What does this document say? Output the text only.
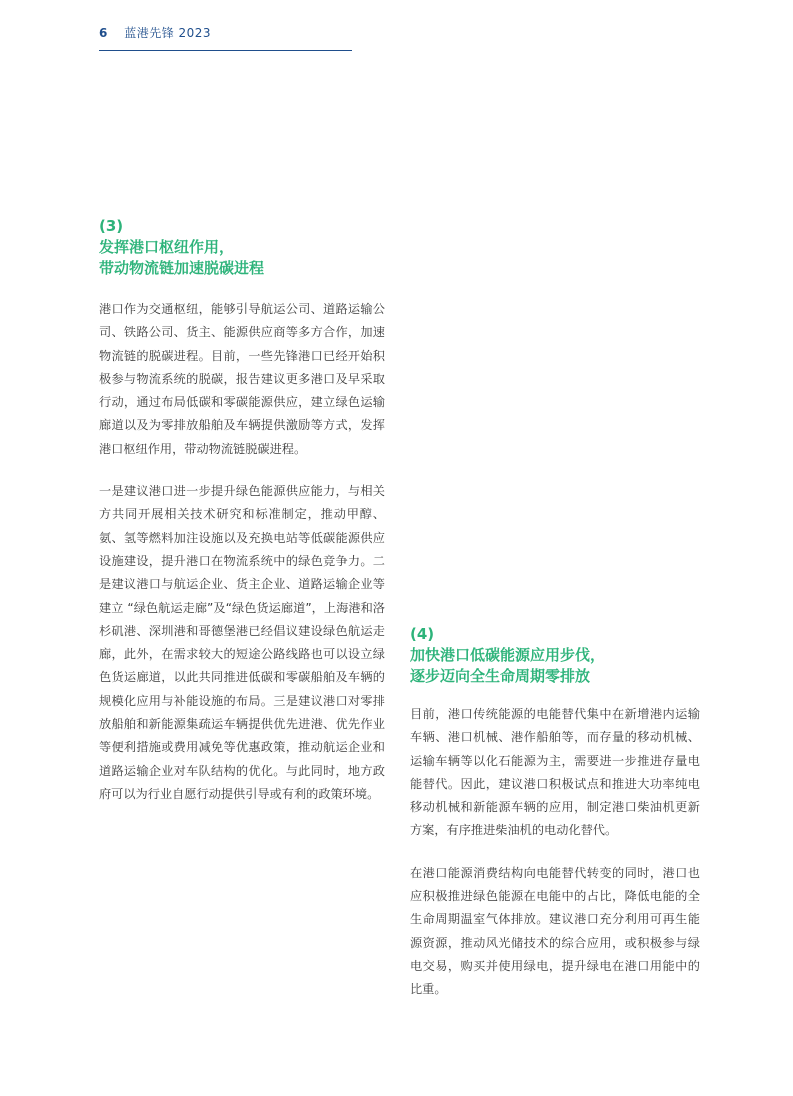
6 蓝港先锋 2023

(3)

发挥港口枢纽作用，
带动物流链加速脱碳进程

港口作为交通枢纽，能够引导航运公司、道路运输公司、铁路公司、货主、能源供应商等多方合作，加速物流链的脱碳进程。目前，一些先锋港口已经开始积极参与物流系统的脱碳，报告建议更多港口及早采取行动，通过布局低碳和零碳能源供应，建立绿色运输廊道以及为零排放船舶及车辆提供激励等方式，发挥港口枢纽作用，带动物流链脱碳进程。

一是建议港口进一步提升绿色能源供应能力，与相关方共同开展相关技术研究和标准制定，推动甲醇、氨、氢等燃料加注设施以及充换电站等低碳能源供应设施建设，提升港口在物流系统中的绿色竞争力。二是建议港口与航运企业、货主企业、道路运输企业等建立 “绿色航运走廊”及“绿色货运廊道”，上海港和洛杉矶港、深圳港和哥德堡港已经倡议建设绿色航运走廊，此外，在需求较大的短途公路线路也可以设立绿色货运廊道，以此共同推进低碳和零碳船舶及车辆的规模化应用与补能设施的布局。三是建议港口对零排放船舶和新能源集疏运车辆提供优先进港、优先作业等便利措施或费用减免等优惠政策，推动航运企业和道路运输企业对车队结构的优化。与此同时，地方政府可以为行业自愿行动提供引导或有利的政策环境。

(4)

加快港口低碳能源应用步伐，
逐步迈向全生命周期零排放

目前，港口传统能源的电能替代集中在新增港内运输车辆、港口机械、港作船舶等，而存量的移动机械、运输车辆等以化石能源为主，需要进一步推进存量电能替代。因此，建议港口积极试点和推进大功率纯电移动机械和新能源车辆的应用，制定港口柴油机更新方案，有序推进柴油机的电动化替代。

在港口能源消费结构向电能替代转变的同时，港口也应积极推进绿色能源在电能中的占比，降低电能的全生命周期温室气体排放。建议港口充分利用可再生能源资源，推动风光储技术的综合应用，或积极参与绿电交易，购买并使用绿电，提升绿电在港口用能中的比重。
